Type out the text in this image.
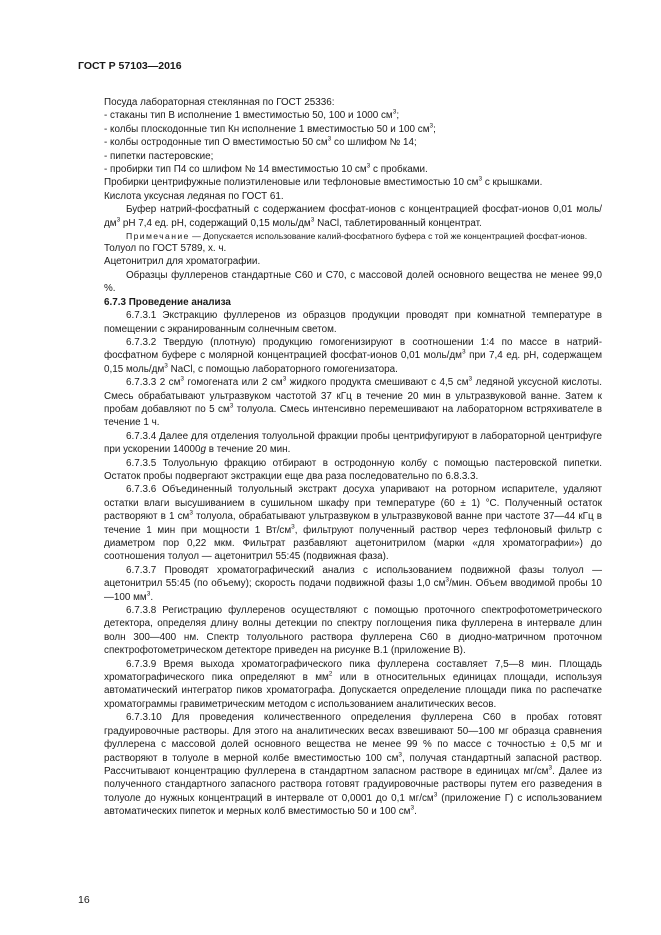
ГОСТ Р 57103—2016

Посуда лабораторная стеклянная по ГОСТ 25336:

- стаканы тип В исполнение 1 вместимостью 50, 100 и 1000 $см^3$;

- колбы плоскодонные тип Кн исполнение 1 вместимостью 50 и 100 $см^3$;

- колбы остродонные тип О вместимостью 50 $см^3$ со шлифом № 14;

- пипетки пастеровские;

- пробирки тип П4 со шлифом № 14 вместимостью 10 $см^3$ с пробками.

Пробирки центрифужные полиэтиленовые или тефлоновые вместимостью 10 $см^3$ с крышками.

Кислота уксусная ледяная по ГОСТ 61.

Буфер натрий-фосфатный с содержанием фосфат-ионов с концентрацией фосфат-ионов 0,01 моль/$дм^3$ pH 7,4 ед. pH, содержащий 0,15 моль/$дм^3$ NaCl, таблетированный концентрат.

Примечание — Допускается использование калий-фосфатного буфера с той же концентрацией фосфат-ионов.

Толуол по ГОСТ 5789, х. ч.

Ацетонитрил для хроматографии.

Образцы фуллеренов стандартные С60 и С70, с массовой долей основного вещества не менее 99,0 %.

6.7.3 Проведение анализа

6.7.3.1 Экстракцию фуллеренов из образцов продукции проводят при комнатной температуре в помещении с экранированным солнечным светом.

6.7.3.2 Твердую (плотную) продукцию гомогенизируют в соотношении 1:4 по массе в натрий-фосфатном буфере с молярной концентрацией фосфат-ионов 0,01 моль/$дм^3$ при 7,4 ед. pH, содержащем 0,15 моль/$дм^3$ NaCl, с помощью лабораторного гомогенизатора.

6.7.3.3 2 $см^3$ гомогената или 2 $см^3$ жидкого продукта смешивают с 4,5 $см^3$ ледяной уксусной кислоты. Смесь обрабатывают ультразвуком частотой 37 кГц в течение 20 мин в ультразвуковой ванне. Затем к пробам добавляют по 5 $см^3$ толуола. Смесь интенсивно перемешивают на лабораторном встряхивателе в течение 1 ч.

6.7.3.4 Далее для отделения толуольной фракции пробы центрифугируют в лабораторной центрифуге при ускорении 14000g в течение 20 мин.

6.7.3.5 Толуольную фракцию отбирают в остродонную колбу с помощью пастеровской пипетки. Остаток пробы подвергают экстракции еще два раза последовательно по 6.8.3.3.

6.7.3.6 Объединенный толуольный экстракт досуха упаривают на роторном испарителе, удаляют остатки влаги высушиванием в сушильном шкафу при температуре (60 ± 1) °С. Полученный остаток растворяют в 1 $см^3$ толуола, обрабатывают ультразвуком в ультразвуковой ванне при частоте 37—44 кГц в течение 1 мин при мощности 1 $Вт/см^3$, фильтруют полученный раствор через тефлоновый фильтр с диаметром пор 0,22 мкм. Фильтрат разбавляют ацетонитрилом (марки «для хроматографии») до соотношения толуол — ацетонитрил 55:45 (подвижная фаза).

6.7.3.7 Проводят хроматографический анализ с использованием подвижной фазы толуол — ацетонитрил 55:45 (по объему); скорость подачи подвижной фазы 1,0 $см^3$/мин. Объем вводимой пробы 10—100 $мм^3$.

6.7.3.8 Регистрацию фуллеренов осуществляют с помощью проточного спектрофотометрического детектора, определяя длину волны детекции по спектру поглощения пика фуллерена в интервале длин волн 300—400 нм. Спектр толуольного раствора фуллерена С60 в диодно-матричном проточном спектрофотометрическом детекторе приведен на рисунке В.1 (приложение В).

6.7.3.9 Время выхода хроматографического пика фуллерена составляет 7,5—8 мин. Площадь хроматографического пика определяют в $мм^2$ или в относительных единицах площади, используя автоматический интегратор пиков хроматографа. Допускается определение площади пика по распечатке хроматограммы гравиметрическим методом с использованием аналитических весов.

6.7.3.10 Для проведения количественного определения фуллерена С60 в пробах готовят градуировочные растворы. Для этого на аналитических весах взвешивают 50—100 мг образца сравнения фуллерена с массовой долей основного вещества не менее 99 % по массе с точностью ± 0,5 мг и растворяют в толуоле в мерной колбе вместимостью 100 $см^3$, получая стандартный запасной раствор. Рассчитывают концентрацию фуллерена в стандартном запасном растворе в единицах $мг/см^3$. Далее из полученного стандартного запасного раствора готовят градуировочные растворы путем его разведения в толуоле до нужных концентраций в интервале от 0,0001 до 0,1 $мг/см^3$ (приложение Г) с использованием автоматических пипеток и мерных колб вместимостью 50 и 100 $см^3$.

16
